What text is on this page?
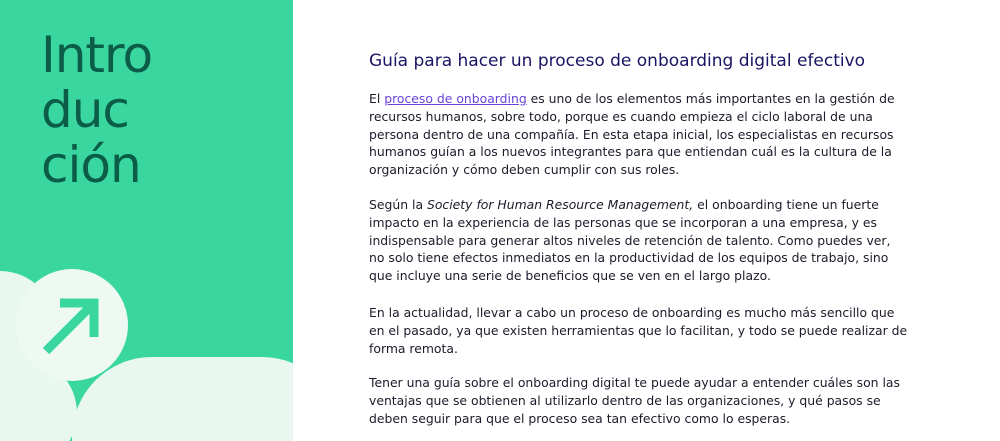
Intro
duc
ción
Guía para hacer un proceso de onboarding digital efectivo

El proceso de onboarding es uno de los elementos más importantes en la gestión de recursos humanos, sobre todo, porque es cuando empieza el ciclo laboral de una persona dentro de una compañía. En esta etapa inicial, los especialistas en recursos humanos guían a los nuevos integrantes para que entiendan cuál es la cultura de la organización y cómo deben cumplir con sus roles.

Según la Society for Human Resource Management, el onboarding tiene un fuerte impacto en la experiencia de las personas que se incorporan a una empresa, y es indispensable para generar altos niveles de retención de talento. Como puedes ver, no solo tiene efectos inmediatos en la productividad de los equipos de trabajo, sino que incluye una serie de beneficios que se ven en el largo plazo.

En la actualidad, llevar a cabo un proceso de onboarding es mucho más sencillo que en el pasado, ya que existen herramientas que lo facilitan, y todo se puede realizar de forma remota.

Tener una guía sobre el onboarding digital te puede ayudar a entender cuáles son las ventajas que se obtienen al utilizarlo dentro de las organizaciones, y qué pasos se deben seguir para que el proceso sea tan efectivo como lo esperas.
